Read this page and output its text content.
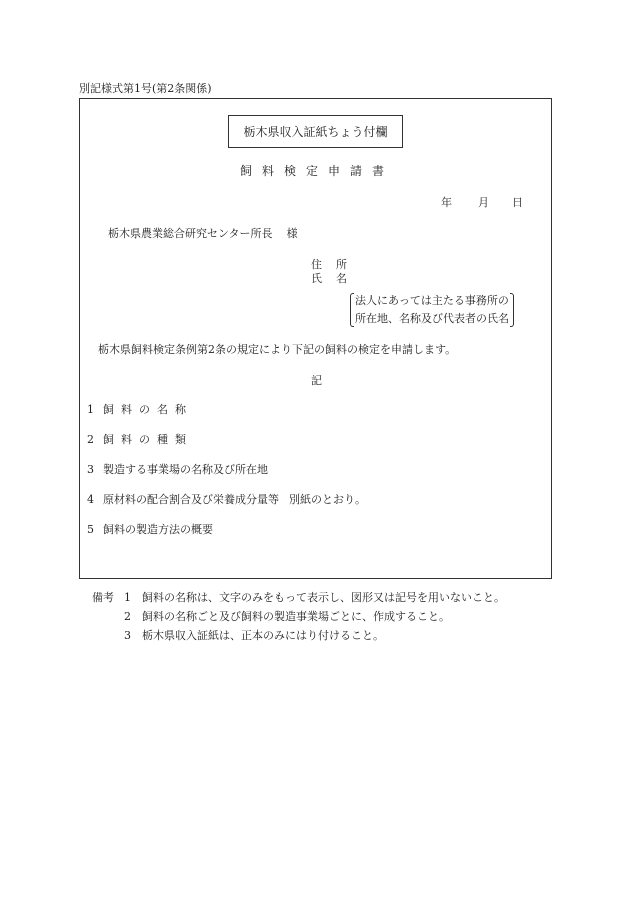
別記様式第1号(第2条関係)
栃木県収入証紙ちょう付欄
飼料検定申請書
年 月 日
栃木県農業総合研究センター所長 様
住 所
氏 名
法人にあっては主たる事務所の
所在地、名称及び代表者の氏名
栃木県飼料検定条例第2条の規定により下記の飼料の検定を申請します。
記
1 飼料の名称
2 飼料の種類
3 製造する事業場の名称及び所在地
4 原材料の配合割合及び栄養成分量等 別紙のとおり。
5 飼料の製造方法の概要
備考 1 飼料の名称は、文字のみをもって表示し、図形又は記号を用いないこと。
2 飼料の名称ごと及び飼料の製造事業場ごとに、作成すること。
3 栃木県収入証紙は、正本のみにはり付けること。
